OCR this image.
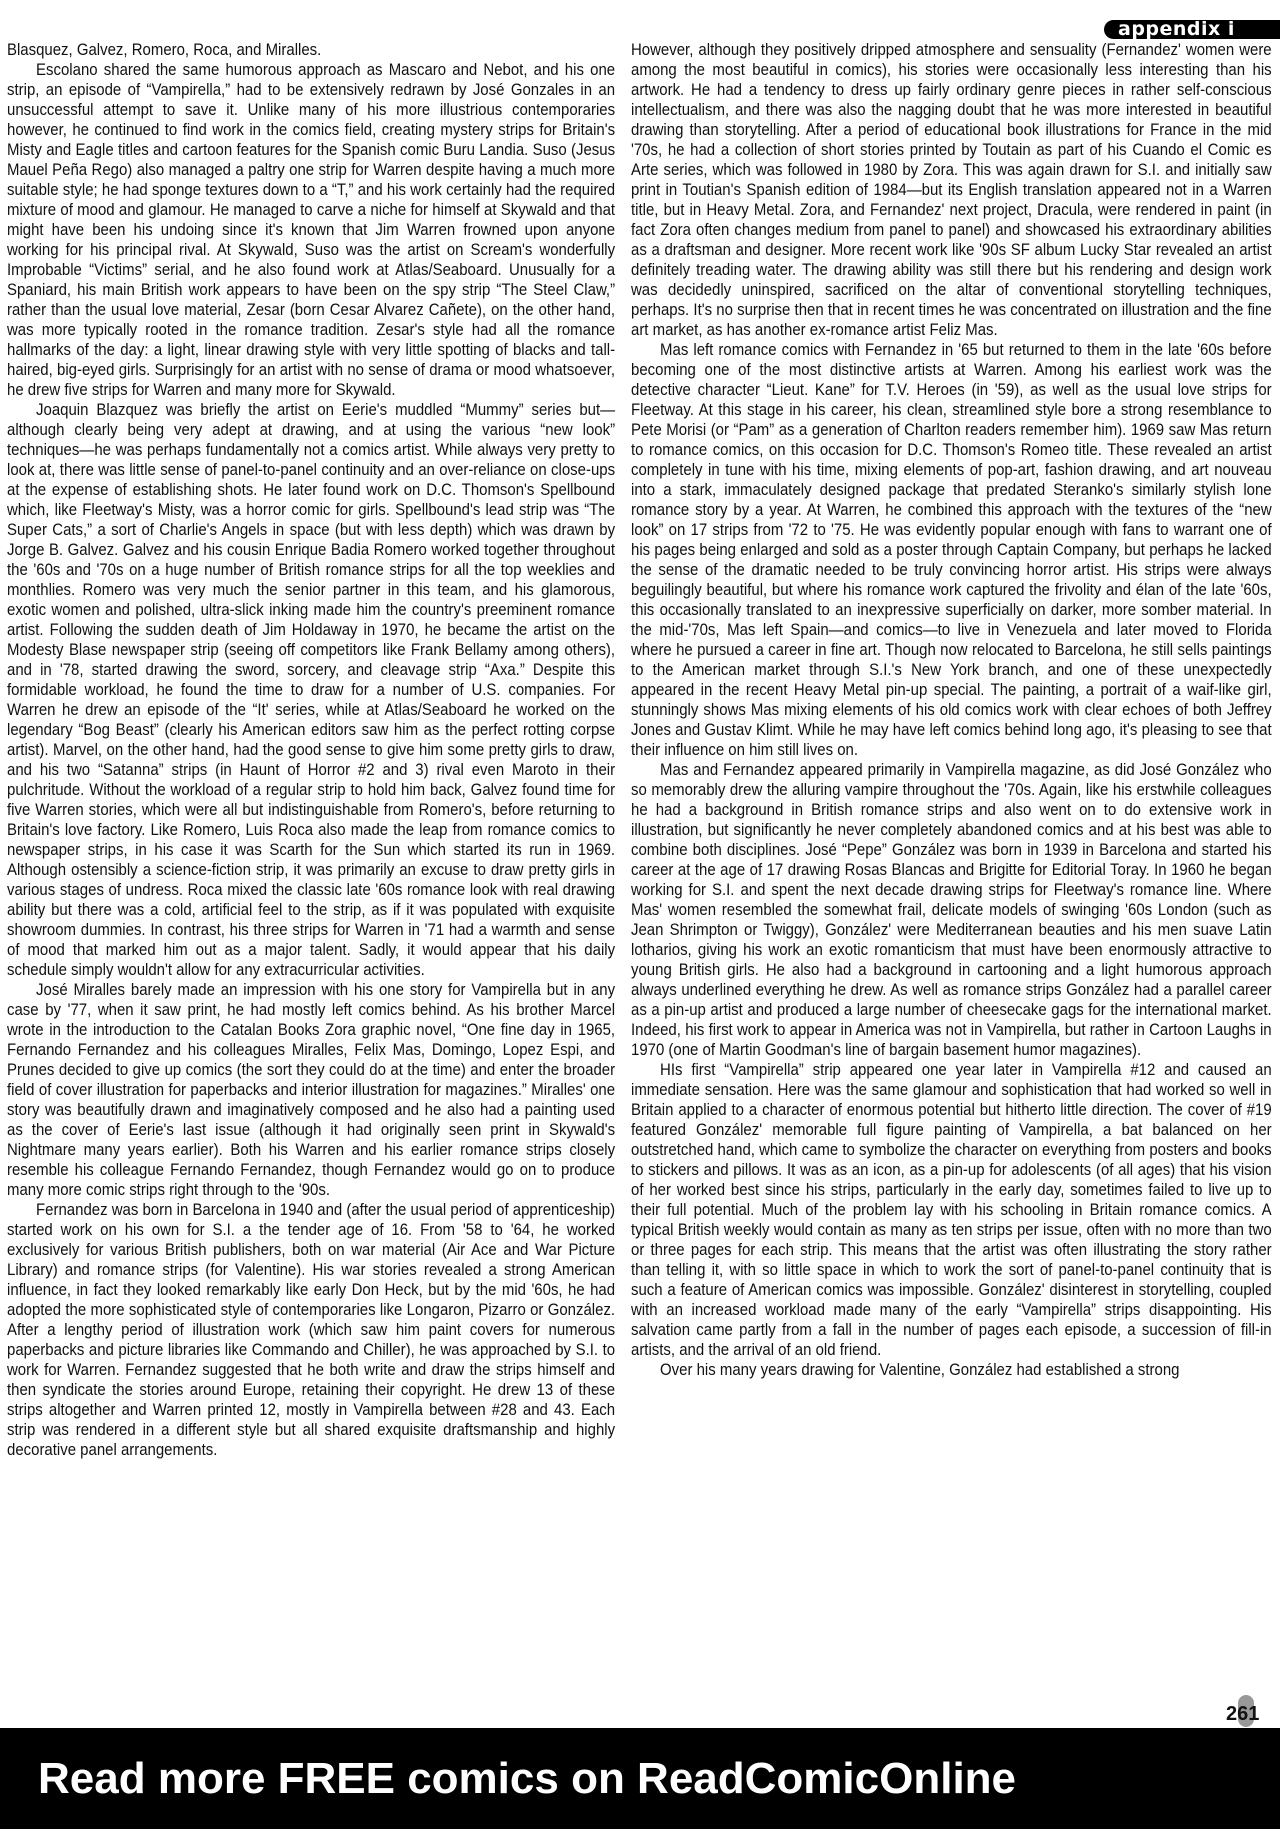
appendix i

Blasquez, Galvez, Romero, Roca, and Miralles.

Escolano shared the same humorous approach as Mascaro and Nebot, and his one strip, an episode of “Vampirella,” had to be extensively redrawn by José Gonzales in an unsuccessful attempt to save it. Unlike many of his more illustrious contemporaries however, he continued to find work in the comics field, creating mystery strips for Britain's Misty and Eagle titles and cartoon features for the Spanish comic Buru Landia. Suso (Jesus Mauel Peña Rego) also managed a paltry one strip for Warren despite having a much more suitable style; he had sponge textures down to a “T,” and his work certainly had the required mixture of mood and glamour. He managed to carve a niche for himself at Skywald and that might have been his undoing since it's known that Jim Warren frowned upon anyone working for his principal rival. At Skywald, Suso was the artist on Scream's wonderfully Improbable “Victims” serial, and he also found work at Atlas/Seaboard. Unusually for a Spaniard, his main British work appears to have been on the spy strip “The Steel Claw,” rather than the usual love material, Zesar (born Cesar Alvarez Cañete), on the other hand, was more typically rooted in the romance tradition. Zesar's style had all the romance hallmarks of the day: a light, linear drawing style with very little spotting of blacks and tall-haired, big-eyed girls. Surprisingly for an artist with no sense of drama or mood whatsoever, he drew five strips for Warren and many more for Skywald.

Joaquin Blazquez was briefly the artist on Eerie's muddled “Mummy” series but—although clearly being very adept at drawing, and at using the various “new look” techniques—he was perhaps fundamentally not a comics artist. While always very pretty to look at, there was little sense of panel-to-panel continuity and an over-reliance on close-ups at the expense of establishing shots. He later found work on D.C. Thomson's Spellbound which, like Fleetway's Misty, was a horror comic for girls. Spellbound's lead strip was “The Super Cats,” a sort of Charlie's Angels in space (but with less depth) which was drawn by Jorge B. Galvez. Galvez and his cousin Enrique Badia Romero worked together throughout the '60s and '70s on a huge number of British romance strips for all the top weeklies and monthlies. Romero was very much the senior partner in this team, and his glamorous, exotic women and polished, ultra-slick inking made him the country's preeminent romance artist. Following the sudden death of Jim Holdaway in 1970, he became the artist on the Modesty Blase newspaper strip (seeing off competitors like Frank Bellamy among others), and in '78, started drawing the sword, sorcery, and cleavage strip “Axa.” Despite this formidable workload, he found the time to draw for a number of U.S. companies. For Warren he drew an episode of the “It' series, while at Atlas/Seaboard he worked on the legendary “Bog Beast” (clearly his American editors saw him as the perfect rotting corpse artist). Marvel, on the other hand, had the good sense to give him some pretty girls to draw, and his two “Satanna” strips (in Haunt of Horror #2 and 3) rival even Maroto in their pulchritude. Without the workload of a regular strip to hold him back, Galvez found time for five Warren stories, which were all but indistinguishable from Romero's, before returning to Britain's love factory. Like Romero, Luis Roca also made the leap from romance comics to newspaper strips, in his case it was Scarth for the Sun which started its run in 1969. Although ostensibly a science-fiction strip, it was primarily an excuse to draw pretty girls in various stages of undress. Roca mixed the classic late '60s romance look with real drawing ability but there was a cold, artificial feel to the strip, as if it was populated with exquisite showroom dummies. In contrast, his three strips for Warren in '71 had a warmth and sense of mood that marked him out as a major talent. Sadly, it would appear that his daily schedule simply wouldn't allow for any extracurricular activities.

José Miralles barely made an impression with his one story for Vampirella but in any case by '77, when it saw print, he had mostly left comics behind. As his brother Marcel wrote in the introduction to the Catalan Books Zora graphic novel, “One fine day in 1965, Fernando Fernandez and his colleagues Miralles, Felix Mas, Domingo, Lopez Espi, and Prunes decided to give up comics (the sort they could do at the time) and enter the broader field of cover illustration for paperbacks and interior illustration for magazines.” Miralles' one story was beautifully drawn and imaginatively composed and he also had a painting used as the cover of Eerie's last issue (although it had originally seen print in Skywald's Nightmare many years earlier). Both his Warren and his earlier romance strips closely resemble his colleague Fernando Fernandez, though Fernandez would go on to produce many more comic strips right through to the '90s.

Fernandez was born in Barcelona in 1940 and (after the usual period of apprenticeship) started work on his own for S.I. a the tender age of 16. From '58 to '64, he worked exclusively for various British publishers, both on war material (Air Ace and War Picture Library) and romance strips (for Valentine). His war stories revealed a strong American influence, in fact they looked remarkably like early Don Heck, but by the mid '60s, he had adopted the more sophisticated style of contemporaries like Longaron, Pizarro or González. After a lengthy period of illustration work (which saw him paint covers for numerous paperbacks and picture libraries like Commando and Chiller), he was approached by S.I. to work for Warren. Fernandez suggested that he both write and draw the strips himself and then syndicate the stories around Europe, retaining their copyright. He drew 13 of these strips altogether and Warren printed 12, mostly in Vampirella between #28 and 43. Each strip was rendered in a different style but all shared exquisite draftsmanship and highly decorative panel arrangements.

However, although they positively dripped atmosphere and sensuality (Fernandez' women were among the most beautiful in comics), his stories were occasionally less interesting than his artwork. He had a tendency to dress up fairly ordinary genre pieces in rather self-conscious intellectualism, and there was also the nagging doubt that he was more interested in beautiful drawing than storytelling. After a period of educational book illustrations for France in the mid '70s, he had a collection of short stories printed by Toutain as part of his Cuando el Comic es Arte series, which was followed in 1980 by Zora. This was again drawn for S.I. and initially saw print in Toutian's Spanish edition of 1984—but its English translation appeared not in a Warren title, but in Heavy Metal. Zora, and Fernandez' next project, Dracula, were rendered in paint (in fact Zora often changes medium from panel to panel) and showcased his extraordinary abilities as a draftsman and designer. More recent work like '90s SF album Lucky Star revealed an artist definitely treading water. The drawing ability was still there but his rendering and design work was decidedly uninspired, sacrificed on the altar of conventional storytelling techniques, perhaps. It's no surprise then that in recent times he was concentrated on illustration and the fine art market, as has another ex-romance artist Feliz Mas.

Mas left romance comics with Fernandez in '65 but returned to them in the late '60s before becoming one of the most distinctive artists at Warren. Among his earliest work was the detective character “Lieut. Kane” for T.V. Heroes (in '59), as well as the usual love strips for Fleetway. At this stage in his career, his clean, streamlined style bore a strong resemblance to Pete Morisi (or “Pam” as a generation of Charlton readers remember him). 1969 saw Mas return to romance comics, on this occasion for D.C. Thomson's Romeo title. These revealed an artist completely in tune with his time, mixing elements of pop-art, fashion drawing, and art nouveau into a stark, immaculately designed package that predated Steranko's similarly stylish lone romance story by a year. At Warren, he combined this approach with the textures of the “new look” on 17 strips from '72 to '75. He was evidently popular enough with fans to warrant one of his pages being enlarged and sold as a poster through Captain Company, but perhaps he lacked the sense of the dramatic needed to be truly convincing horror artist. His strips were always beguilingly beautiful, but where his romance work captured the frivolity and élan of the late '60s, this occasionally translated to an inexpressive superficially on darker, more somber material. In the mid-'70s, Mas left Spain—and comics—to live in Venezuela and later moved to Florida where he pursued a career in fine art. Though now relocated to Barcelona, he still sells paintings to the American market through S.I.'s New York branch, and one of these unexpectedly appeared in the recent Heavy Metal pin-up special. The painting, a portrait of a waif-like girl, stunningly shows Mas mixing elements of his old comics work with clear echoes of both Jeffrey Jones and Gustav Klimt. While he may have left comics behind long ago, it's pleasing to see that their influence on him still lives on.

Mas and Fernandez appeared primarily in Vampirella magazine, as did José González who so memorably drew the alluring vampire throughout the '70s. Again, like his erstwhile colleagues he had a background in British romance strips and also went on to do extensive work in illustration, but significantly he never completely abandoned comics and at his best was able to combine both disciplines. José “Pepe” González was born in 1939 in Barcelona and started his career at the age of 17 drawing Rosas Blancas and Brigitte for Editorial Toray. In 1960 he began working for S.I. and spent the next decade drawing strips for Fleetway's romance line. Where Mas' women resembled the somewhat frail, delicate models of swinging '60s London (such as Jean Shrimpton or Twiggy), González' were Mediterranean beauties and his men suave Latin lotharios, giving his work an exotic romanticism that must have been enormously attractive to young British girls. He also had a background in cartooning and a light humorous approach always underlined everything he drew. As well as romance strips González had a parallel career as a pin-up artist and produced a large number of cheesecake gags for the international market. Indeed, his first work to appear in America was not in Vampirella, but rather in Cartoon Laughs in 1970 (one of Martin Goodman's line of bargain basement humor magazines).

HIs first “Vampirella” strip appeared one year later in Vampirella #12 and caused an immediate sensation. Here was the same glamour and sophistication that had worked so well in Britain applied to a character of enormous potential but hitherto little direction. The cover of #19 featured González' memorable full figure painting of Vampirella, a bat balanced on her outstretched hand, which came to symbolize the character on everything from posters and books to stickers and pillows. It was as an icon, as a pin-up for adolescents (of all ages) that his vision of her worked best since his strips, particularly in the early day, sometimes failed to live up to their full potential. Much of the problem lay with his schooling in Britain romance comics. A typical British weekly would contain as many as ten strips per issue, often with no more than two or three pages for each strip. This means that the artist was often illustrating the story rather than telling it, with so little space in which to work the sort of panel-to-panel continuity that is such a feature of American comics was impossible. González' disinterest in storytelling, coupled with an increased workload made many of the early “Vampirella” strips disappointing. His salvation came partly from a fall in the number of pages each episode, a succession of fill-in artists, and the arrival of an old friend.

Over his many years drawing for Valentine, González had established a strong

261
Read more FREE comics on ReadComicOnline
